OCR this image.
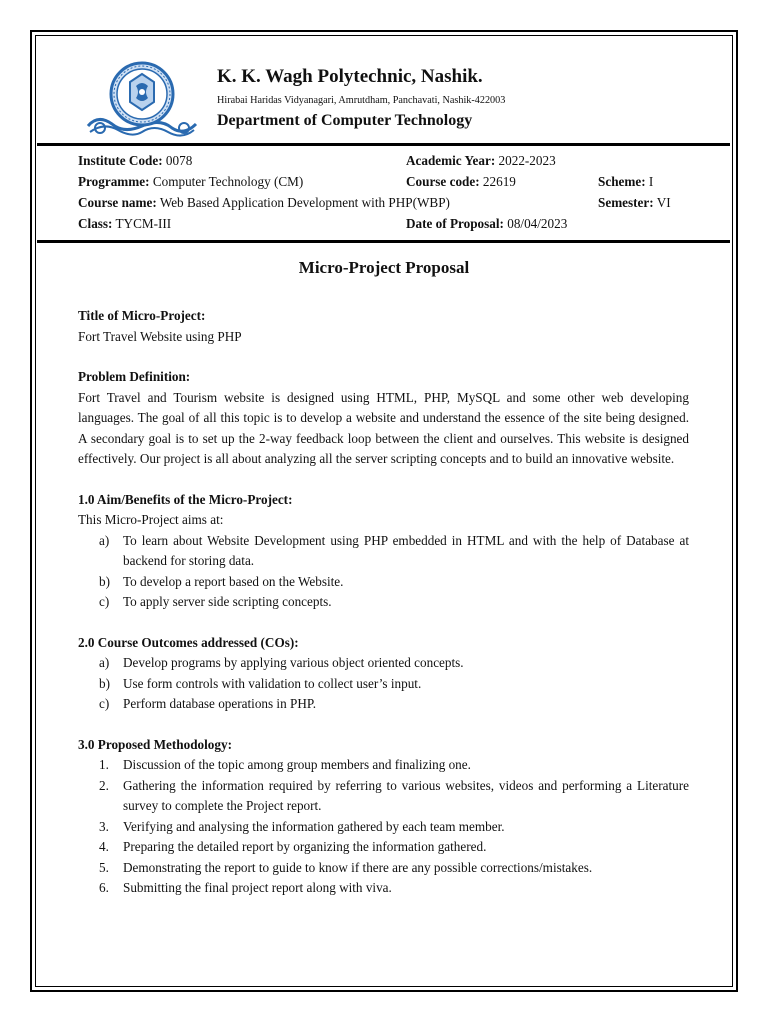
K. K. Wagh Polytechnic, Nashik.
Hirabai Haridas Vidyanagari, Amrutdham, Panchavati, Nashik-422003
Department of Computer Technology
Institute Code: 0078	Academic Year: 2022-2023
Programme: Computer Technology (CM)	Course code: 22619	Scheme: I
Course name: Web Based Application Development with PHP(WBP)	Semester: VI
Class: TYCM-III	Date of Proposal: 08/04/2023
Micro-Project Proposal

Title of Micro-Project:

Fort Travel Website using PHP

Problem Definition:

Fort Travel and Tourism website is designed using HTML, PHP, MySQL and some other web developing languages. The goal of all this topic is to develop a website and understand the essence of the site being designed. A secondary goal is to set up the 2-way feedback loop between the client and ourselves. This website is designed effectively. Our project is all about analyzing all the server scripting concepts and to build an innovative website.

1.0 Aim/Benefits of the Micro-Project:

This Micro-Project aims at:

a) To learn about Website Development using PHP embedded in HTML and with the help of Database at backend for storing data.
b) To develop a report based on the Website.
c) To apply server side scripting concepts.

2.0 Course Outcomes addressed (COs):

a) Develop programs by applying various object oriented concepts.
b) Use form controls with validation to collect user’s input.
c) Perform database operations in PHP.

3.0 Proposed Methodology:

1. Discussion of the topic among group members and finalizing one.
2. Gathering the information required by referring to various websites, videos and performing a Literature survey to complete the Project report.
3. Verifying and analysing the information gathered by each team member.
4. Preparing the detailed report by organizing the information gathered.
5. Demonstrating the report to guide to know if there are any possible corrections/mistakes.
6. Submitting the final project report along with viva.
